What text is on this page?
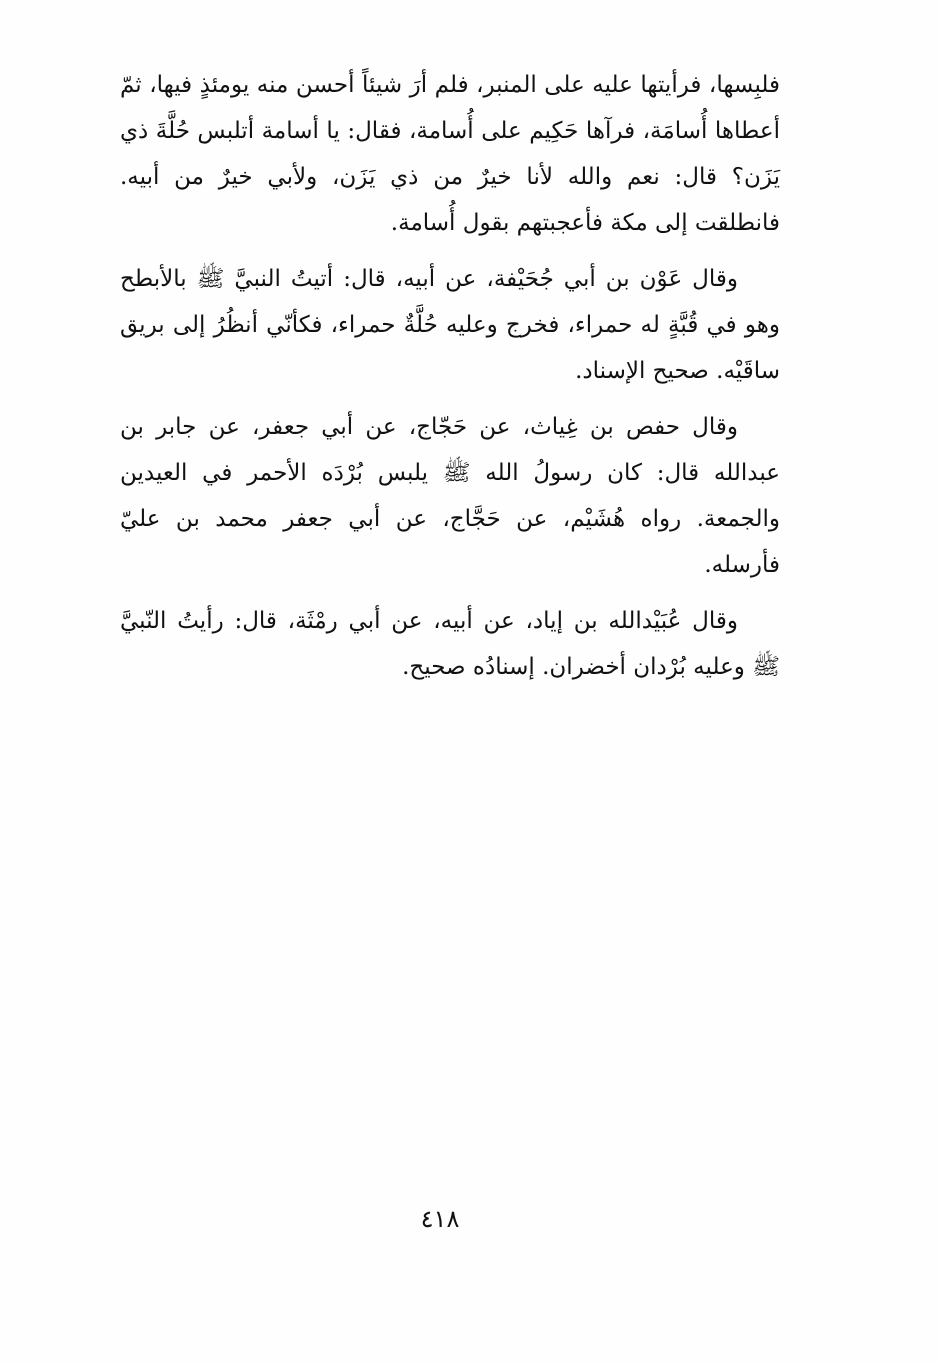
فلبِسها، فرأيتها عليه على المنبر، فلم أرَ شيئاً أحسن منه يومئذٍ فيها، ثمّ
أعطاها أُسامَة، فرآها حَكِيم على أُسامة، فقال: يا أسامة أتلبس حُلَّةَ ذي
يَزَن؟ قال: نعم والله لأنا خيرٌ من ذي يَزَن، ولأبي خيرٌ من أبيه.
فانطلقت إلى مكة فأعجبتهم بقول أُسامة.
وقال عَوْن بن أبي جُحَيْفة، عن أبيه، قال: أتيتُ النبيَّ ﷺ بالأبطح
وهو في قُبَّةٍ له حمراء، فخرج وعليه حُلَّةٌ حمراء، فكأنّي أنظُرُ إلى بريق
ساقَيْه. صحيح الإسناد.
وقال حفص بن غِياث، عن حَجّاج، عن أبي جعفر، عن جابر بن
عبدالله قال: كان رسولُ الله ﷺ يلبس بُرْدَه الأحمر في العيدين
والجمعة. رواه هُشَيْم، عن حَجَّاج، عن أبي جعفر محمد بن عليّ
فأرسله.
وقال عُبَيْدالله بن إياد، عن أبيه، عن أبي رمْثَة، قال: رأيتُ النّبيَّ
ﷺ وعليه بُرْدان أخضران. إسنادُه صحيح.
٤١٨
